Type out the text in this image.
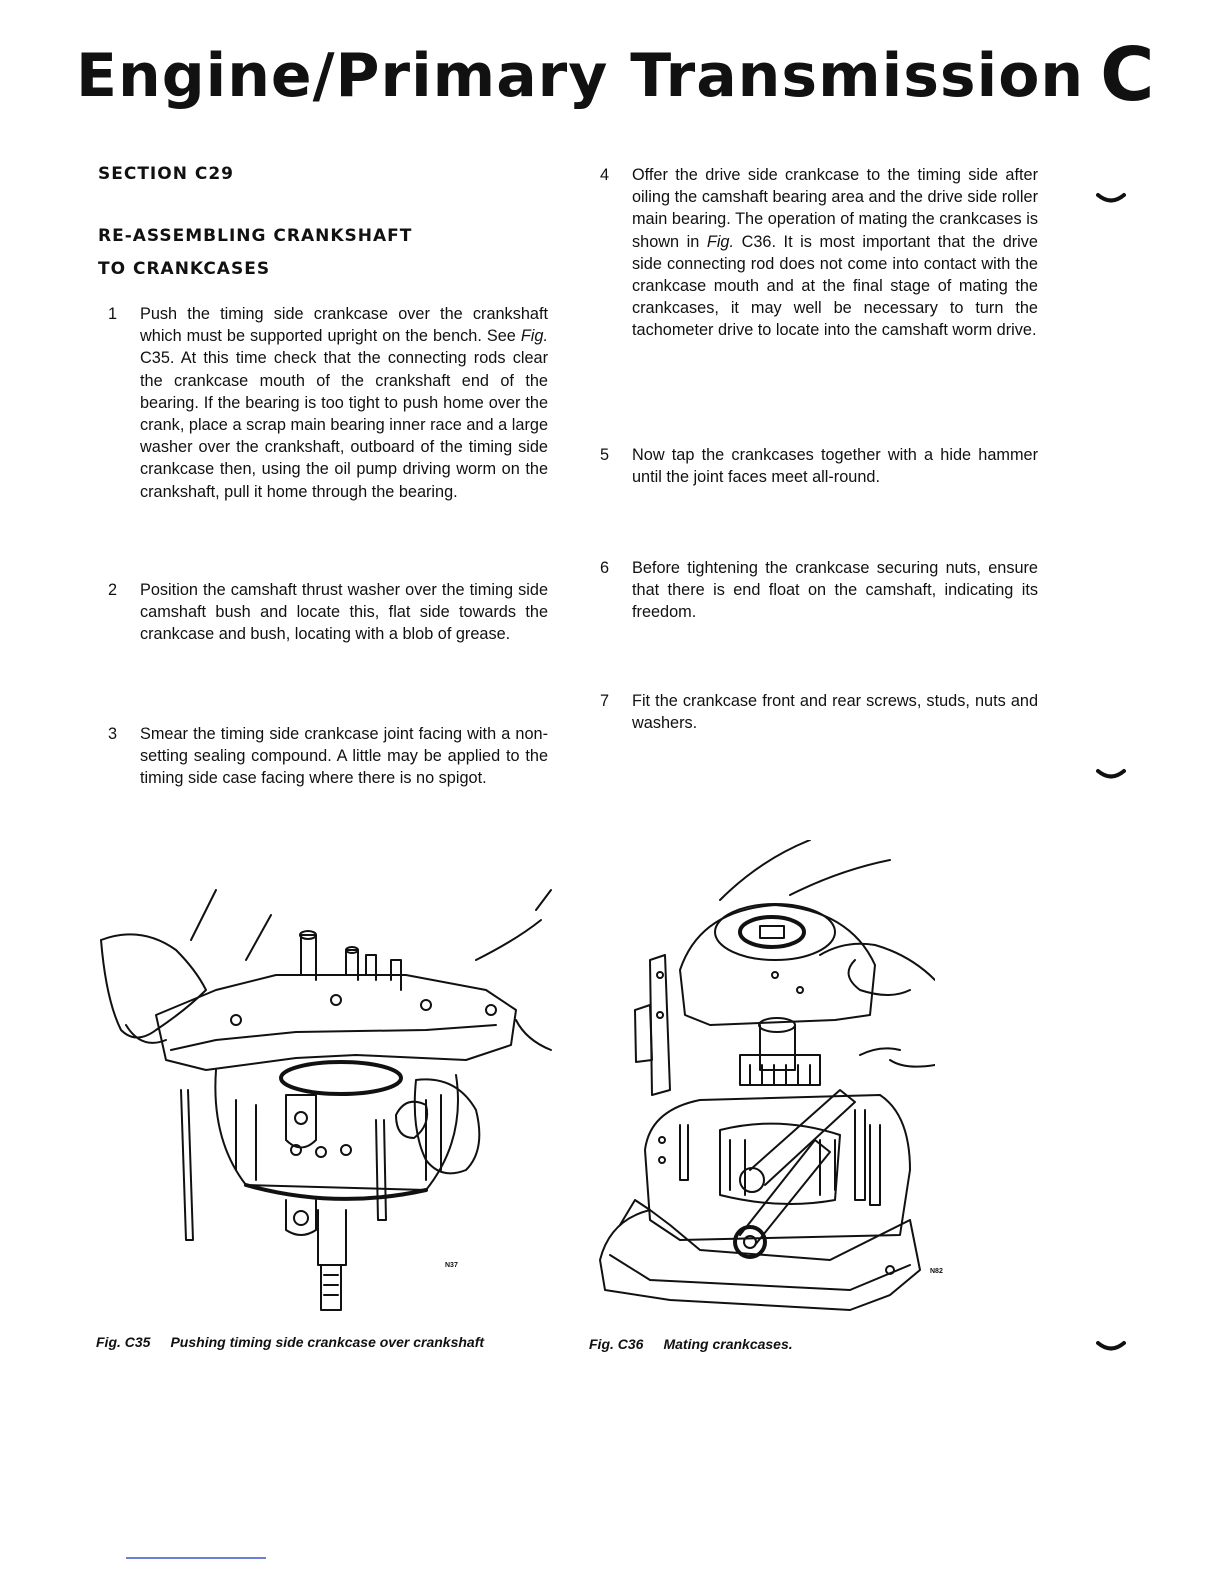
Engine/Primary Transmission C
SECTION C29
RE-ASSEMBLING CRANKSHAFT
TO CRANKCASES
1	Push the timing side crankcase over the crankshaft which must be supported upright on the bench. See Fig. C35. At this time check that the connecting rods clear the crankcase mouth of the crankshaft end of the bearing. If the bearing is too tight to push home over the crank, place a scrap main bearing inner race and a large washer over the crankshaft, outboard of the timing side crankcase then, using the oil pump driving worm on the crankshaft, pull it home through the bearing.
2	Position the camshaft thrust washer over the timing side camshaft bush and locate this, flat side towards the crankcase and bush, locating with a blob of grease.
3	Smear the timing side crankcase joint facing with a non-setting sealing compound. A little may be applied to the timing side case facing where there is no spigot.
4	Offer the drive side crankcase to the timing side after oiling the camshaft bearing area and the drive side roller main bearing. The operation of mating the crankcases is shown in Fig. C36. It is most important that the drive side connecting rod does not come into contact with the crankcase mouth and at the final stage of mating the crankcases, it may well be necessary to turn the tachometer drive to locate into the camshaft worm drive.
5	Now tap the crankcases together with a hide hammer until the joint faces meet all-round.
6	Before tightening the crankcase securing nuts, ensure that there is end float on the camshaft, indicating its freedom.
7	Fit the crankcase front and rear screws, studs, nuts and washers.
N37
N82
Fig. C35 Pushing timing side crankcase over crankshaft	Fig. C36 Mating crankcases.
